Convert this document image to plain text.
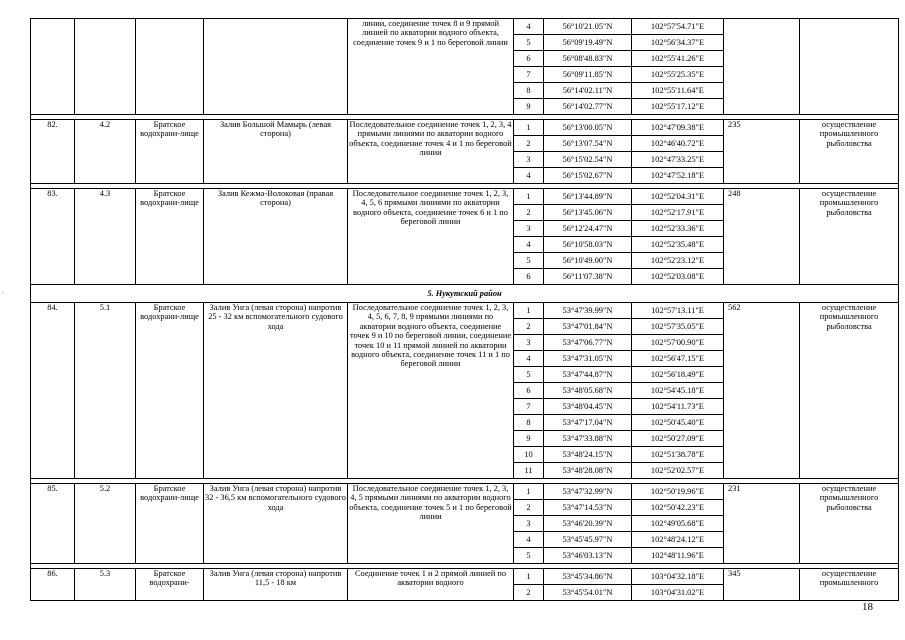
				линии, соединение точек 8 и 9 прямой линией по акватории водного объекта, соединение точек 9 и 1 по береговой линии	4	56°10'21.05"N	102°57'54.71"E		
					5	56°09'19.49"N	102°56'34.37"E		
					6	56°08'48.83"N	102°55'41.26"E		
					7	56°09'11.85"N	102°55'25.35"E		
					8	56°14'02.11"N	102°55'11.64"E		
					9	56°14'02.77"N	102°55'17.12"E		

82.	4.2	Братское водохрани-лище	Залив Большой Мамырь (левая сторона)	Последовательное соединение точек 1, 2, 3, 4 прямыми линиями по акватории водного объекта, соединение точек 4 и 1 по береговой линии	1	56°13'00.05"N	102°47'09.38"E	235	осуществление промышленного рыболовства
					2	56°13'07.54"N	102°46'40.72"E		
					3	56°15'02.54"N	102°47'33.25"E		
					4	56°15'02.67"N	102°47'52.18"E		

83.	4.3	Братское водохрани-лище	Залив Кежма-Волоковая (правая сторона)	Последовательное соединение точек 1, 2, 3, 4, 5, 6 прямыми линиями по акватории водного объекта, соединение точек 6 и 1 по береговой линии	1	56°13'44.89"N	102°52'04.31"E	248	осуществление промышленного рыболовства
					2	56°13'45.06"N	102°52'17.91"E		
					3	56°12'24.47"N	102°52'33.36"E		
					4	56°10'58.03"N	102°52'35.48"E		
					5	56°10'49.00"N	102°52'23.12"E		
					6	56°11'07.38"N	102°52'03.08"E		
5. Нукутский район									
84.	5.1	Братское водохрани-лище	Залив Унга (левая сторона) напротив 25 - 32 км вспомогательного судового хода	Последовательное соединение точек 1, 2, 3, 4, 5, 6, 7, 8, 9 прямыми линиями по акватории водного объекта, соединение точек 9 и 10 по береговой линии, соединение точек 10 и 11 прямой линией по акватории водного объекта, соединение точек 11 и 1 по береговой линии	1	53°47'39.99"N	102°57'13.11"E	562	осуществление промышленного рыболовства
					2	53°47'01.84"N	102°57'35.05"E		
					3	53°47'06.77"N	102°57'00.90"E		
					4	53°47'31.05"N	102°56'47.15"E		
					5	53°47'44.87"N	102°56'18.49"E		
					6	53°48'05.68"N	102°54'45.18"E		
					7	53°48'04.45"N	102°54'11.73"E		
					8	53°47'17.04"N	102°50'45.40"E		
					9	53°47'33.88"N	102°50'27.09"E		
					10	53°48'24.15"N	102°51'38.78"E		
					11	53°48'28.08"N	102°52'02.57"E		

85.	5.2	Братское водохрани-лище	Залив Унга (левая сторона) напротив 32 - 36,5 км вспомогательного судового хода	Последовательное соединение точек 1, 2, 3, 4, 5 прямыми линиями по акватории водного объекта, соединение точек 5 и 1 по береговой линии	1	53°47'32.99"N	102°50'19.96"E	231	осуществление промышленного рыболовства
					2	53°47'14.53"N	102°50'42.23"E		
					3	53°46'20.39"N	102°49'05.68"E		
					4	53°45'45.97"N	102°48'24.12"E		
					5	53°46'03.13"N	102°48'11.96"E		

86.	5.3	Братское водохрани-	Залив Унга (левая сторона) напротив 11,5 - 18 км	Соединение точек 1 и 2 прямой линией по акватории водного	1	53°45'34.86"N	103°04'32.18"E	345	осуществление промышленного
					2	53°45'54.01"N	103°04'31.02"E		
18
.
